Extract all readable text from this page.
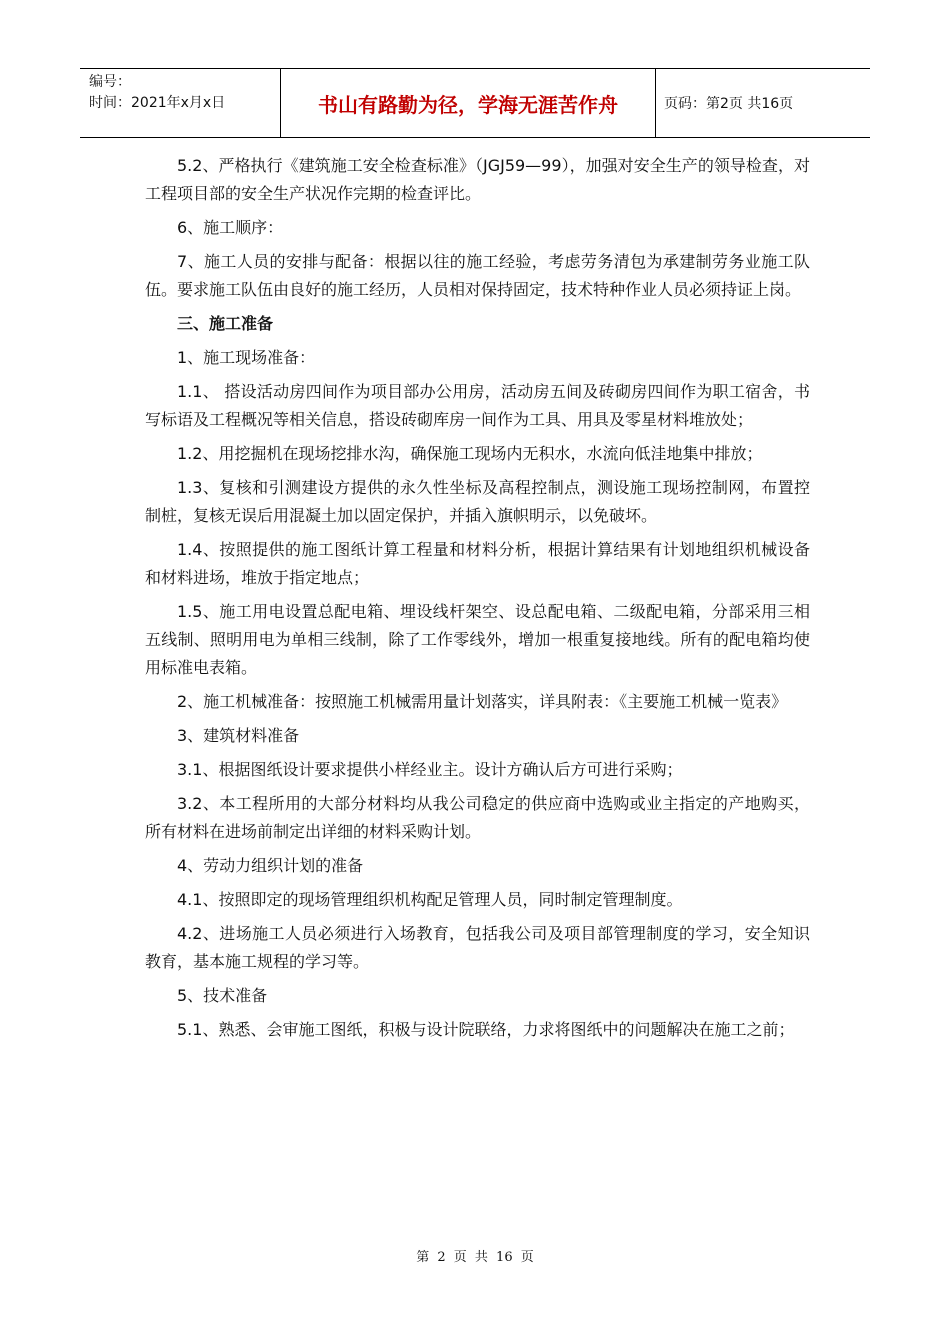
编号：
时间：2021年x月x日	书山有路勤为径，学海无涯苦作舟	页码：第2页 共16页

5.2、严格执行《建筑施工安全检查标准》（JGJ59—99），加强对安全生产的领导检查，对工程项目部的安全生产状况作完期的检查评比。

6、施工顺序：

7、施工人员的安排与配备：根据以往的施工经验，考虑劳务清包为承建制劳务业施工队伍。要求施工队伍由良好的施工经历，人员相对保持固定，技术特种作业人员必须持证上岗。

三、施工准备

1、施工现场准备：

1.1、 搭设活动房四间作为项目部办公用房，活动房五间及砖砌房四间作为职工宿舍，书写标语及工程概况等相关信息，搭设砖砌库房一间作为工具、用具及零星材料堆放处；

1.2、用挖掘机在现场挖排水沟，确保施工现场内无积水，水流向低洼地集中排放；

1.3、复核和引测建设方提供的永久性坐标及高程控制点，测设施工现场控制网，布置控制桩，复核无误后用混凝土加以固定保护，并插入旗帜明示，以免破坏。

1.4、按照提供的施工图纸计算工程量和材料分析，根据计算结果有计划地组织机械设备和材料进场，堆放于指定地点；

1.5、施工用电设置总配电箱、埋设线杆架空、设总配电箱、二级配电箱，分部采用三相五线制、照明用电为单相三线制，除了工作零线外，增加一根重复接地线。所有的配电箱均使用标准电表箱。

2、施工机械准备：按照施工机械需用量计划落实，详具附表：《主要施工机械一览表》

3、建筑材料准备

3.1、根据图纸设计要求提供小样经业主。设计方确认后方可进行采购；

3.2、本工程所用的大部分材料均从我公司稳定的供应商中选购或业主指定的产地购买，所有材料在进场前制定出详细的材料采购计划。

4、劳动力组织计划的准备

4.1、按照即定的现场管理组织机构配足管理人员，同时制定管理制度。

4.2、进场施工人员必须进行入场教育，包括我公司及项目部管理制度的学习，安全知识教育，基本施工规程的学习等。

5、技术准备

5.1、熟悉、会审施工图纸，积极与设计院联络，力求将图纸中的问题解决在施工之前；

第 2 页 共 16 页
